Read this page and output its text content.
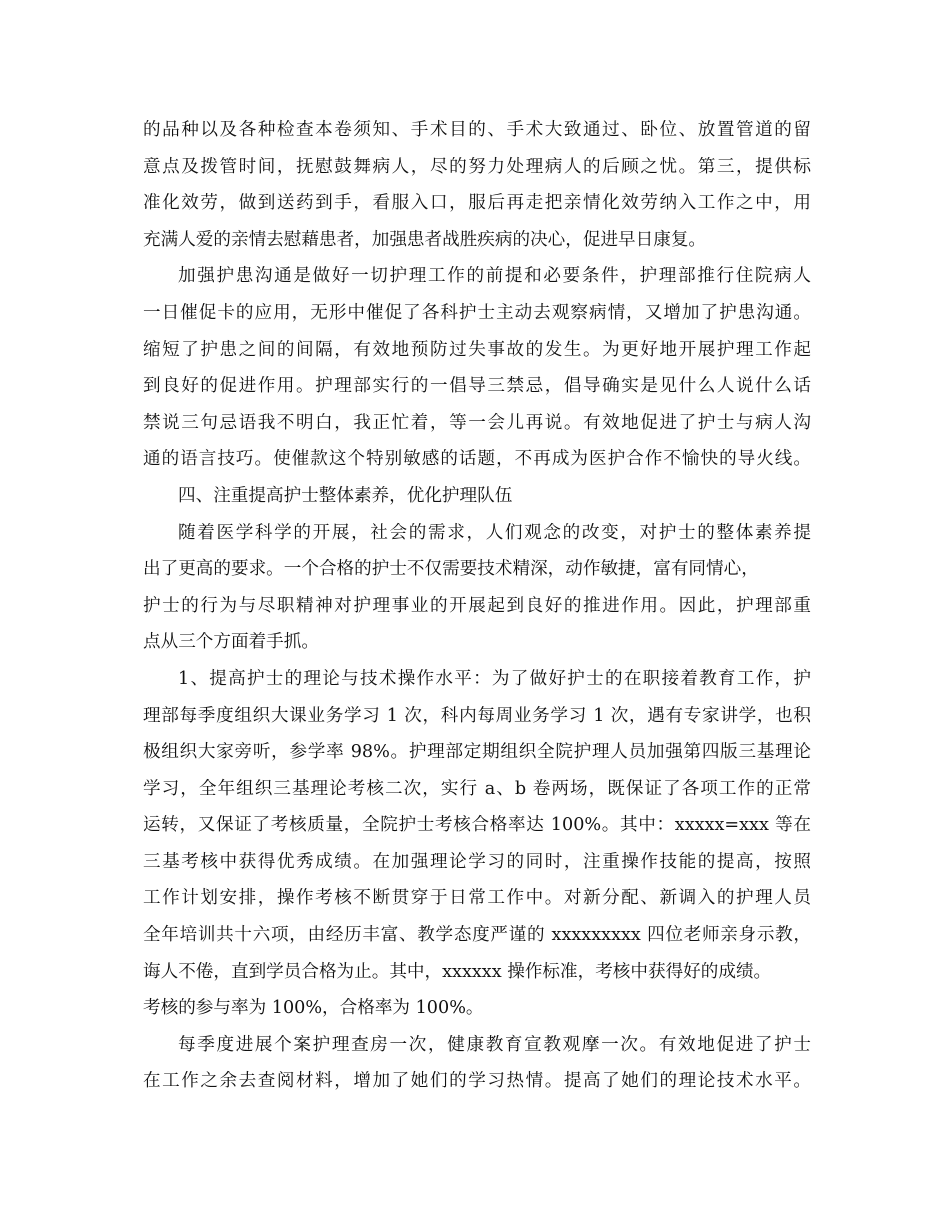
的品种以及各种检查本卷须知、手术目的、手术大致通过、卧位、放置管道的留
意点及拨管时间，抚慰鼓舞病人，尽的努力处理病人的后顾之忧。第三，提供标
准化效劳，做到送药到手，看服入口，服后再走把亲情化效劳纳入工作之中，用
充满人爱的亲情去慰藉患者，加强患者战胜疾病的决心，促进早日康复。
加强护患沟通是做好一切护理工作的前提和必要条件，护理部推行住院病人
一日催促卡的应用，无形中催促了各科护士主动去观察病情，又增加了护患沟通。
缩短了护患之间的间隔，有效地预防过失事故的发生。为更好地开展护理工作起
到良好的促进作用。护理部实行的一倡导三禁忌，倡导确实是见什么人说什么话
禁说三句忌语我不明白，我正忙着，等一会儿再说。有效地促进了护士与病人沟
通的语言技巧。使催款这个特别敏感的话题，不再成为医护合作不愉快的导火线。
四、注重提高护士整体素养，优化护理队伍
随着医学科学的开展，社会的需求，人们观念的改变，对护士的整体素养提
出了更高的要求。一个合格的护士不仅需要技术精深，动作敏捷，富有同情心，
护士的行为与尽职精神对护理事业的开展起到良好的推进作用。因此，护理部重
点从三个方面着手抓。
1、提高护士的理论与技术操作水平：为了做好护士的在职接着教育工作，护
理部每季度组织大课业务学习 1 次，科内每周业务学习 1 次，遇有专家讲学，也积
极组织大家旁听，参学率 98%。护理部定期组织全院护理人员加强第四版三基理论
学习，全年组织三基理论考核二次，实行 a、b 卷两场，既保证了各项工作的正常
运转，又保证了考核质量，全院护士考核合格率达 100%。其中：xxxxx=xxx 等在
三基考核中获得优秀成绩。在加强理论学习的同时，注重操作技能的提高，按照
工作计划安排，操作考核不断贯穿于日常工作中。对新分配、新调入的护理人员
全年培训共十六项，由经历丰富、教学态度严谨的 xxxxxxxxx 四位老师亲身示教，
诲人不倦，直到学员合格为止。其中，xxxxxx 操作标准，考核中获得好的成绩。
考核的参与率为 100%，合格率为 100%。
每季度进展个案护理查房一次，健康教育宣教观摩一次。有效地促进了护士
在工作之余去查阅材料，增加了她们的学习热情。提高了她们的理论技术水平。
